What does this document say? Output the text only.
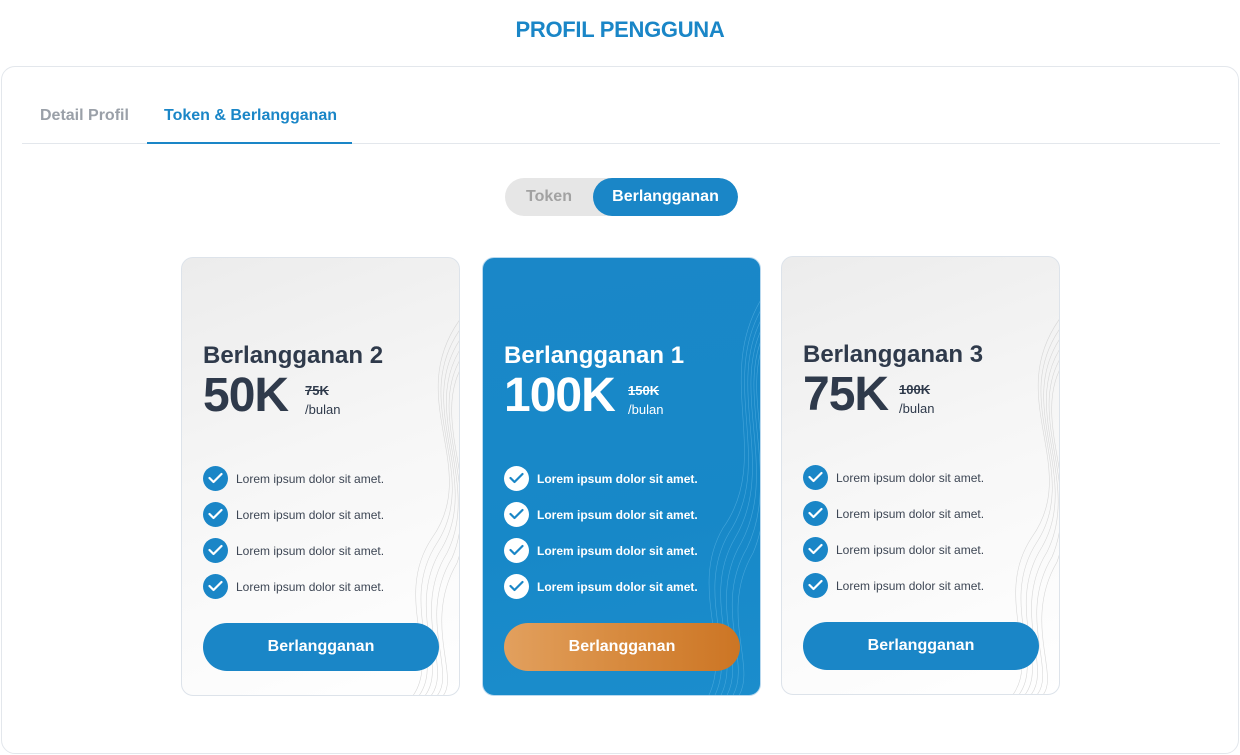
PROFIL PENGGUNA
Detail Profil Token & Berlangganan
Token	Berlangganan
Berlangganan 2
50K 75K
/bulan
Lorem ipsum dolor sit amet.
Lorem ipsum dolor sit amet.
Lorem ipsum dolor sit amet.
Lorem ipsum dolor sit amet.
Berlangganan
Berlangganan 1
100K 150K
/bulan
Lorem ipsum dolor sit amet.
Lorem ipsum dolor sit amet.
Lorem ipsum dolor sit amet.
Lorem ipsum dolor sit amet.
Berlangganan
Berlangganan 3
75K 100K
/bulan
Lorem ipsum dolor sit amet.
Lorem ipsum dolor sit amet.
Lorem ipsum dolor sit amet.
Lorem ipsum dolor sit amet.
Berlangganan
